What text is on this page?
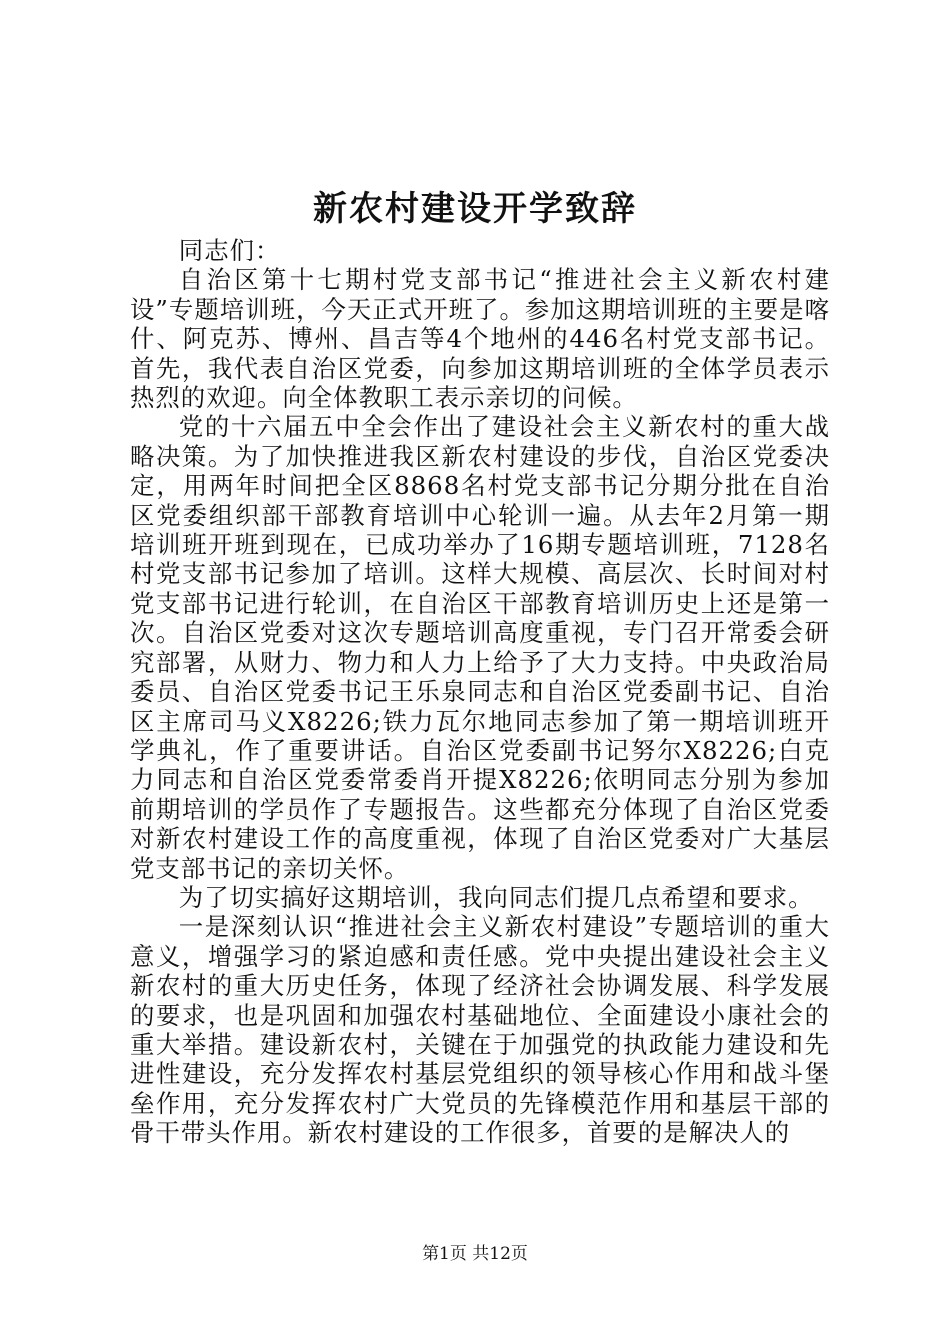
新农村建设开学致辞

同志们：

自治区第十七期村党支部书记“推进社会主义新农村建设”专题培训班，今天正式开班了。参加这期培训班的主要是喀什、阿克苏、博州、昌吉等4个地州的446名村党支部书记。首先，我代表自治区党委，向参加这期培训班的全体学员表示热烈的欢迎。向全体教职工表示亲切的问候。

党的十六届五中全会作出了建设社会主义新农村的重大战略决策。为了加快推进我区新农村建设的步伐，自治区党委决定，用两年时间把全区8868名村党支部书记分期分批在自治区党委组织部干部教育培训中心轮训一遍。从去年2月第一期培训班开班到现在，已成功举办了16期专题培训班，7128名村党支部书记参加了培训。这样大规模、高层次、长时间对村党支部书记进行轮训，在自治区干部教育培训历史上还是第一次。自治区党委对这次专题培训高度重视，专门召开常委会研究部署，从财力、物力和人力上给予了大力支持。中央政治局委员、自治区党委书记王乐泉同志和自治区党委副书记、自治区主席司马义X8226;铁力瓦尔地同志参加了第一期培训班开学典礼，作了重要讲话。自治区党委副书记努尔X8226;白克力同志和自治区党委常委肖开提X8226;依明同志分别为参加前期培训的学员作了专题报告。这些都充分体现了自治区党委对新农村建设工作的高度重视，体现了自治区党委对广大基层党支部书记的亲切关怀。

为了切实搞好这期培训，我向同志们提几点希望和要求。

一是深刻认识“推进社会主义新农村建设”专题培训的重大意义，增强学习的紧迫感和责任感。党中央提出建设社会主义新农村的重大历史任务，体现了经济社会协调发展、科学发展的要求，也是巩固和加强农村基础地位、全面建设小康社会的重大举措。建设新农村，关键在于加强党的执政能力建设和先进性建设，充分发挥农村基层党组织的领导核心作用和战斗堡垒作用，充分发挥农村广大党员的先锋模范作用和基层干部的骨干带头作用。新农村建设的工作很多，首要的是解决人的

第1页 共12页
